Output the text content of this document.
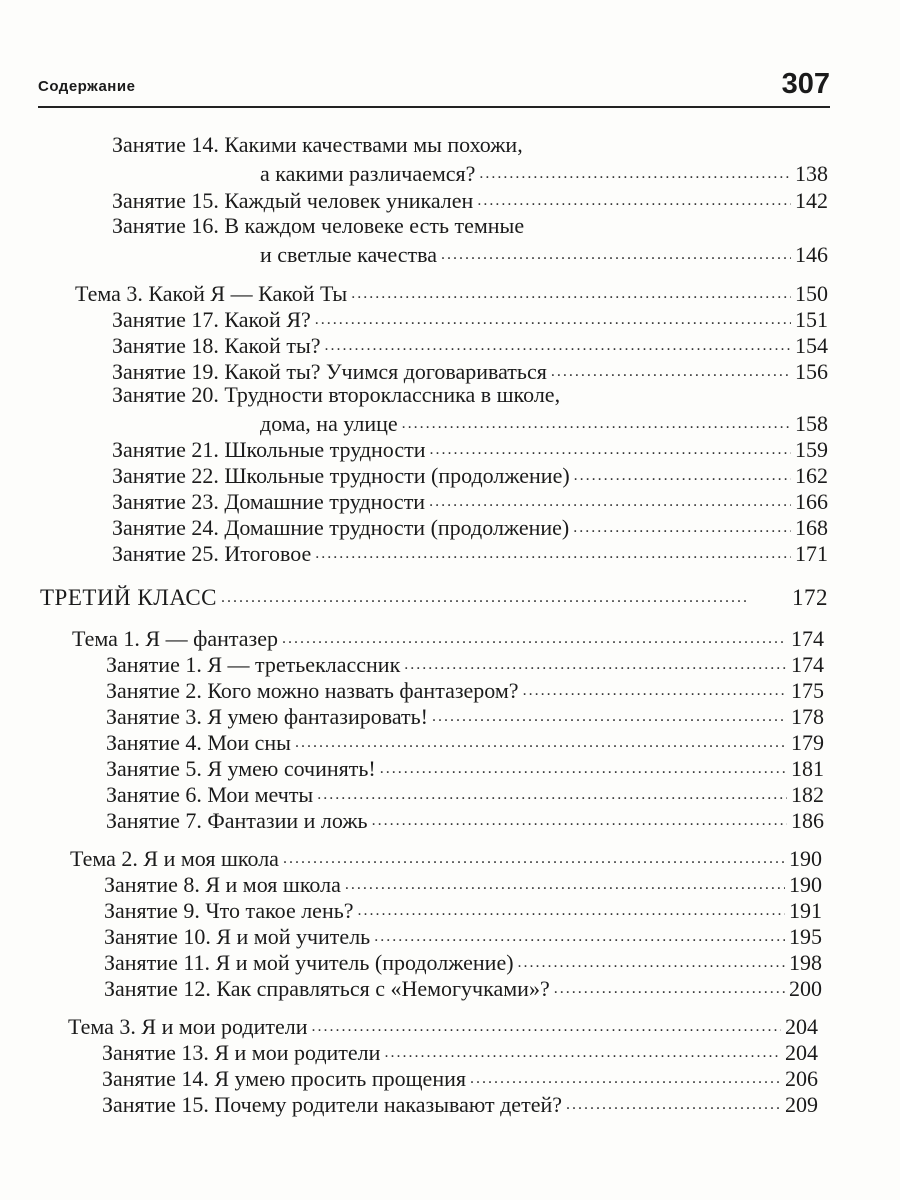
Содержание	307
Занятие 14. Какими качествами мы похожи,
а какими различаемся? . . .	138
Занятие 15. Каждый человек уникален . . .	142
Занятие 16. В каждом человеке есть темные
и светлые качества . . .	146
Тема 3. Какой Я — Какой Ты . . .	150
Занятие 17. Какой Я? . . .	151
Занятие 18. Какой ты? . . .	154
Занятие 19. Какой ты? Учимся договариваться . . .	156
Занятие 20. Трудности второклассника в школе,
дома, на улице . . .	158
Занятие 21. Школьные трудности . . .	159
Занятие 22. Школьные трудности (продолжение) . . .	162
Занятие 23. Домашние трудности . . .	166
Занятие 24. Домашние трудности (продолжение) . . .	168
Занятие 25. Итоговое . . .	171
ТРЕТИЙ КЛАСС . . .	172
Тема 1. Я — фантазер . . .	174
Занятие 1. Я — третьеклассник . . .	174
Занятие 2. Кого можно назвать фантазером? . . .	175
Занятие 3. Я умею фантазировать! . . .	178
Занятие 4. Мои сны . . .	179
Занятие 5. Я умею сочинять! . . .	181
Занятие 6. Мои мечты . . .	182
Занятие 7. Фантазии и ложь . . .	186
Тема 2. Я и моя школа . . .	190
Занятие 8. Я и моя школа . . .	190
Занятие 9. Что такое лень? . . .	191
Занятие 10. Я и мой учитель . . .	195
Занятие 11. Я и мой учитель (продолжение) . . .	198
Занятие 12. Как справляться с «Немогучками»? . . .	200
Тема 3. Я и мои родители . . .	204
Занятие 13. Я и мои родители . . .	204
Занятие 14. Я умею просить прощения . . .	206
Занятие 15. Почему родители наказывают детей? . . .	209
